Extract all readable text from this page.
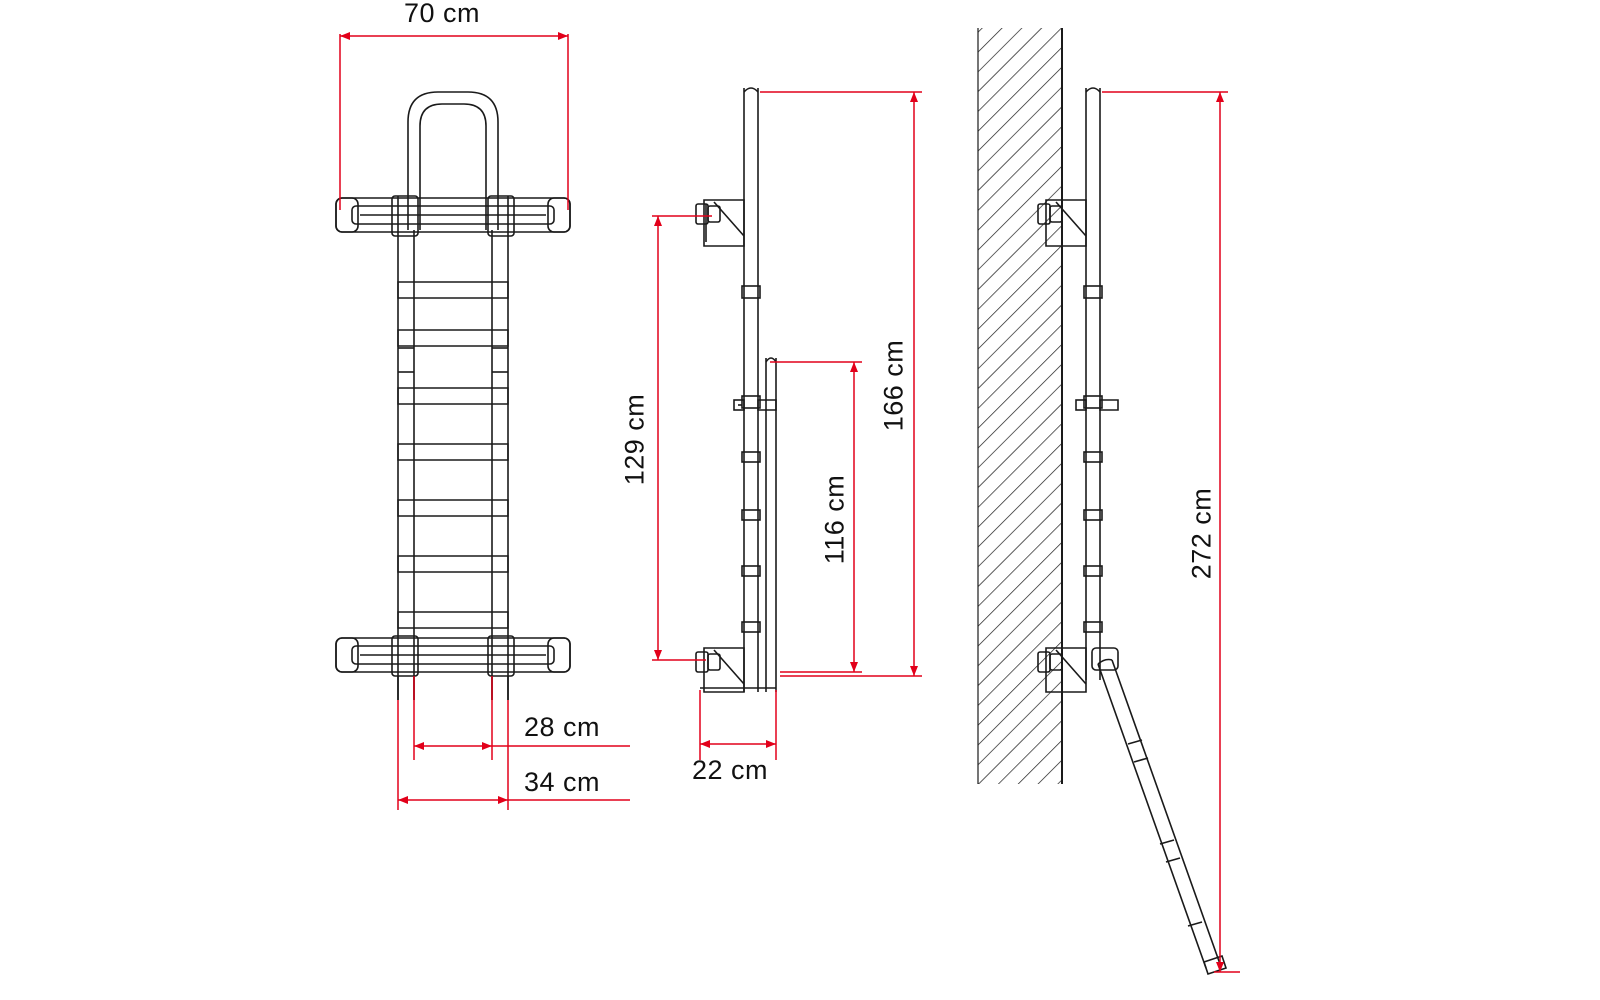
70 cm
28 cm
34 cm
129 cm
166 cm
116 cm
22 cm
272 cm
